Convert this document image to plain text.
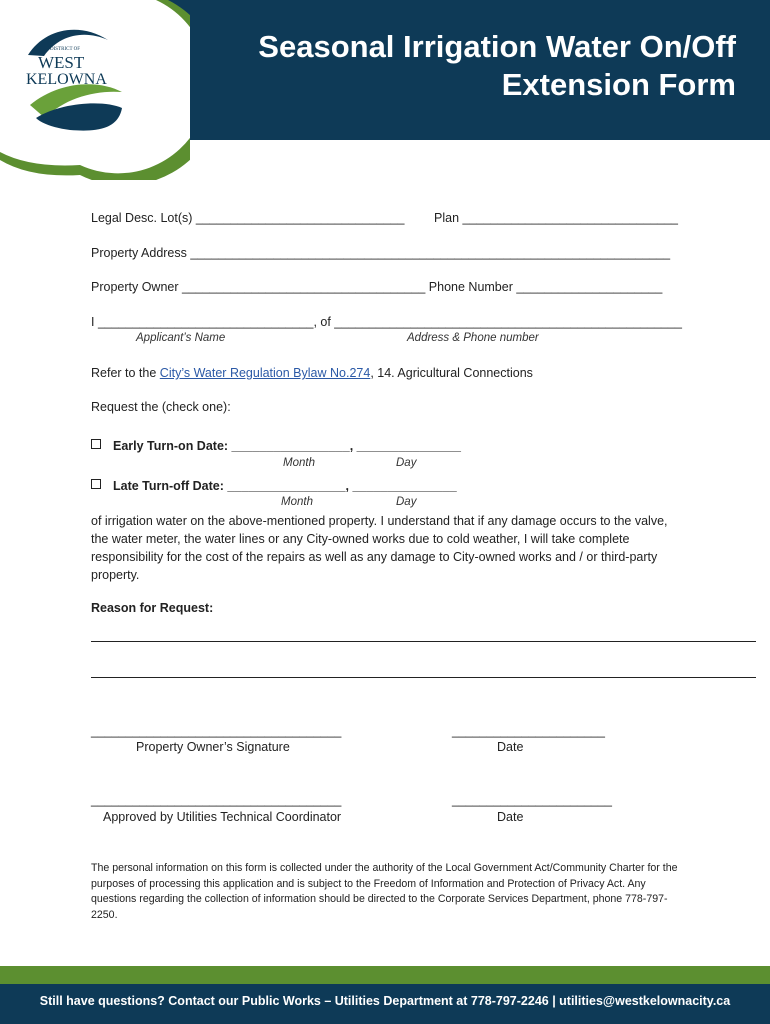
DISTRICT OF
WEST
KELOWNA
Seasonal Irrigation Water On/Off
Extension Form
Legal Desc. Lot(s) ______________________________ Plan _______________________________
Property Address _____________________________________________________________________
Property Owner ___________________________________ Phone Number _____________________
I _______________________________, of __________________________________________________
Applicant’s Name	Address & Phone number
Refer to the City’s Water Regulation Bylaw No.274, 14. Agricultural Connections
Request the (check one):
Early Turn-on Date: _________________, _______________
Month	Day
Late Turn-off Date: _________________, _______________
Month	Day
of irrigation water on the above-mentioned property. I understand that if any damage occurs to the valve, the water meter, the water lines or any City-owned works due to cold weather, I will take complete responsibility for the cost of the repairs as well as any damage to City-owned works and / or third-party property.
Reason for Request:
____________________________________
Property Owner’s Signature
______________________
Date
____________________________________
Approved by Utilities Technical Coordinator
_______________________
Date
The personal information on this form is collected under the authority of the Local Government Act/Community Charter for the purposes of processing this application and is subject to the Freedom of Information and Protection of Privacy Act. Any questions regarding the collection of information should be directed to the Corporate Services Department, phone 778-797-2250.
Still have questions? Contact our Public Works – Utilities Department at 778-797-2246 | utilities@westkelownacity.ca
